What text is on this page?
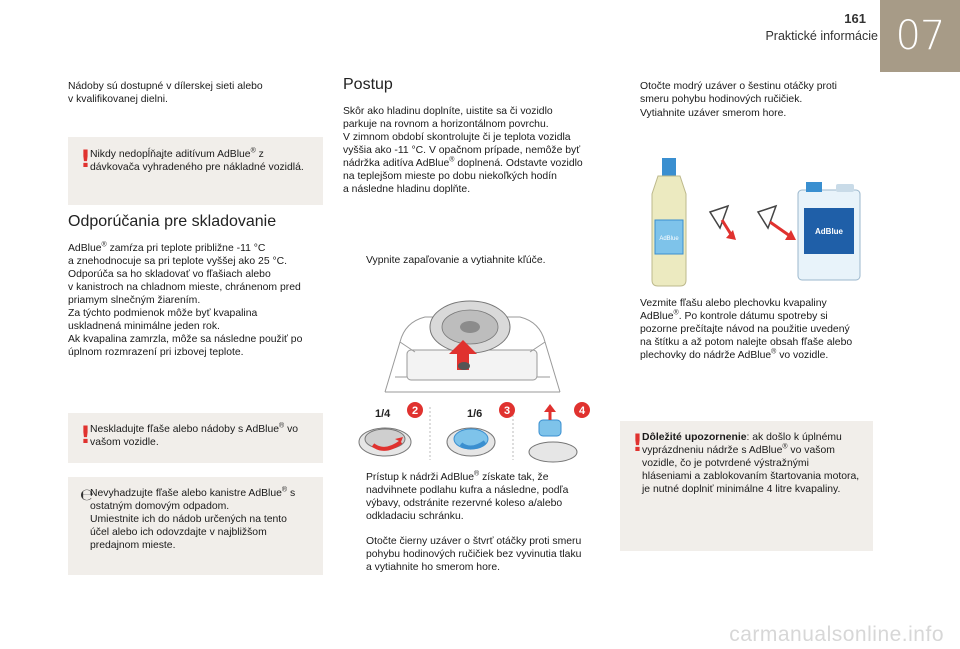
07
161
Praktické informácie

Nádoby sú dostupné v dílerskej sieti alebo

v kvalifikovanej dielni.

! Nikdy nedopĺňajte aditívum AdBlue® z
dávkovača vyhradeného pre nákladné vozidlá.
Odporúčania pre skladovanie
AdBlue® zamŕza pri teplote približne -11 °C
a znehodnocuje sa pri teplote vyššej ako 25 °C.
Odporúča sa ho skladovať vo fľašiach alebo
v kanistroch na chladnom mieste, chránenom pred
priamym slnečným žiarením.
Za týchto podmienok môže byť kvapalina
uskladnená minimálne jeden rok.
Ak kvapalina zamrzla, môže sa následne použiť po
úplnom rozmrazení pri izbovej teplote.
! Neskladujte fľaše alebo nádoby s AdBlue® vo
vašom vozidle.
℮
Nevyhadzujte fľaše alebo kanistre AdBlue® s
ostatným domovým odpadom.
Umiestnite ich do nádob určených na tento
účel alebo ich odovzdajte v najbližšom
predajnom mieste.
Postup
Skôr ako hladinu doplníte, uistite sa či vozidlo
parkuje na rovnom a horizontálnom povrchu.
V zimnom období skontrolujte či je teplota vozidla
vyššia ako -11 °C. V opačnom prípade, nemôže byť
nádržka aditíva AdBlue® doplnená. Odstavte vozidlo
na teplejšom mieste po dobu niekoľkých hodín
a následne hladinu doplňte.
Vypnite zapaľovanie a vytiahnite kľúče.
1/4 2	1/6 3	4
Prístup k nádrži AdBlue® získate tak, že
nadvihnete podlahu kufra a následne, podľa
výbavy, odstránite rezervné koleso a/alebo
odkladaciu schránku.
Otočte čierny uzáver o štvrť otáčky proti smeru
pohybu hodinových ručičiek bez vyvinutia tlaku
a vytiahnite ho smerom hore.
Otočte modrý uzáver o šestinu otáčky proti
smeru pohybu hodinových ručičiek.
Vytiahnite uzáver smerom hore.
AdBlue
AdBlue
Vezmite fľašu alebo plechovku kvapaliny
AdBlue®. Po kontrole dátumu spotreby si
pozorne prečítajte návod na použitie uvedený
na štítku a až potom nalejte obsah fľaše alebo
plechovky do nádrže AdBlue® vo vozidle.
! Dôležité upozornenie: ak došlo k úplnému
vyprázdneniu nádrže s AdBlue® vo vašom
vozidle, čo je potvrdené výstražnými
hláseniami a zablokovaním štartovania motora,
je nutné doplniť minimálne 4 litre kvapaliny.
carmanualsonline.info
